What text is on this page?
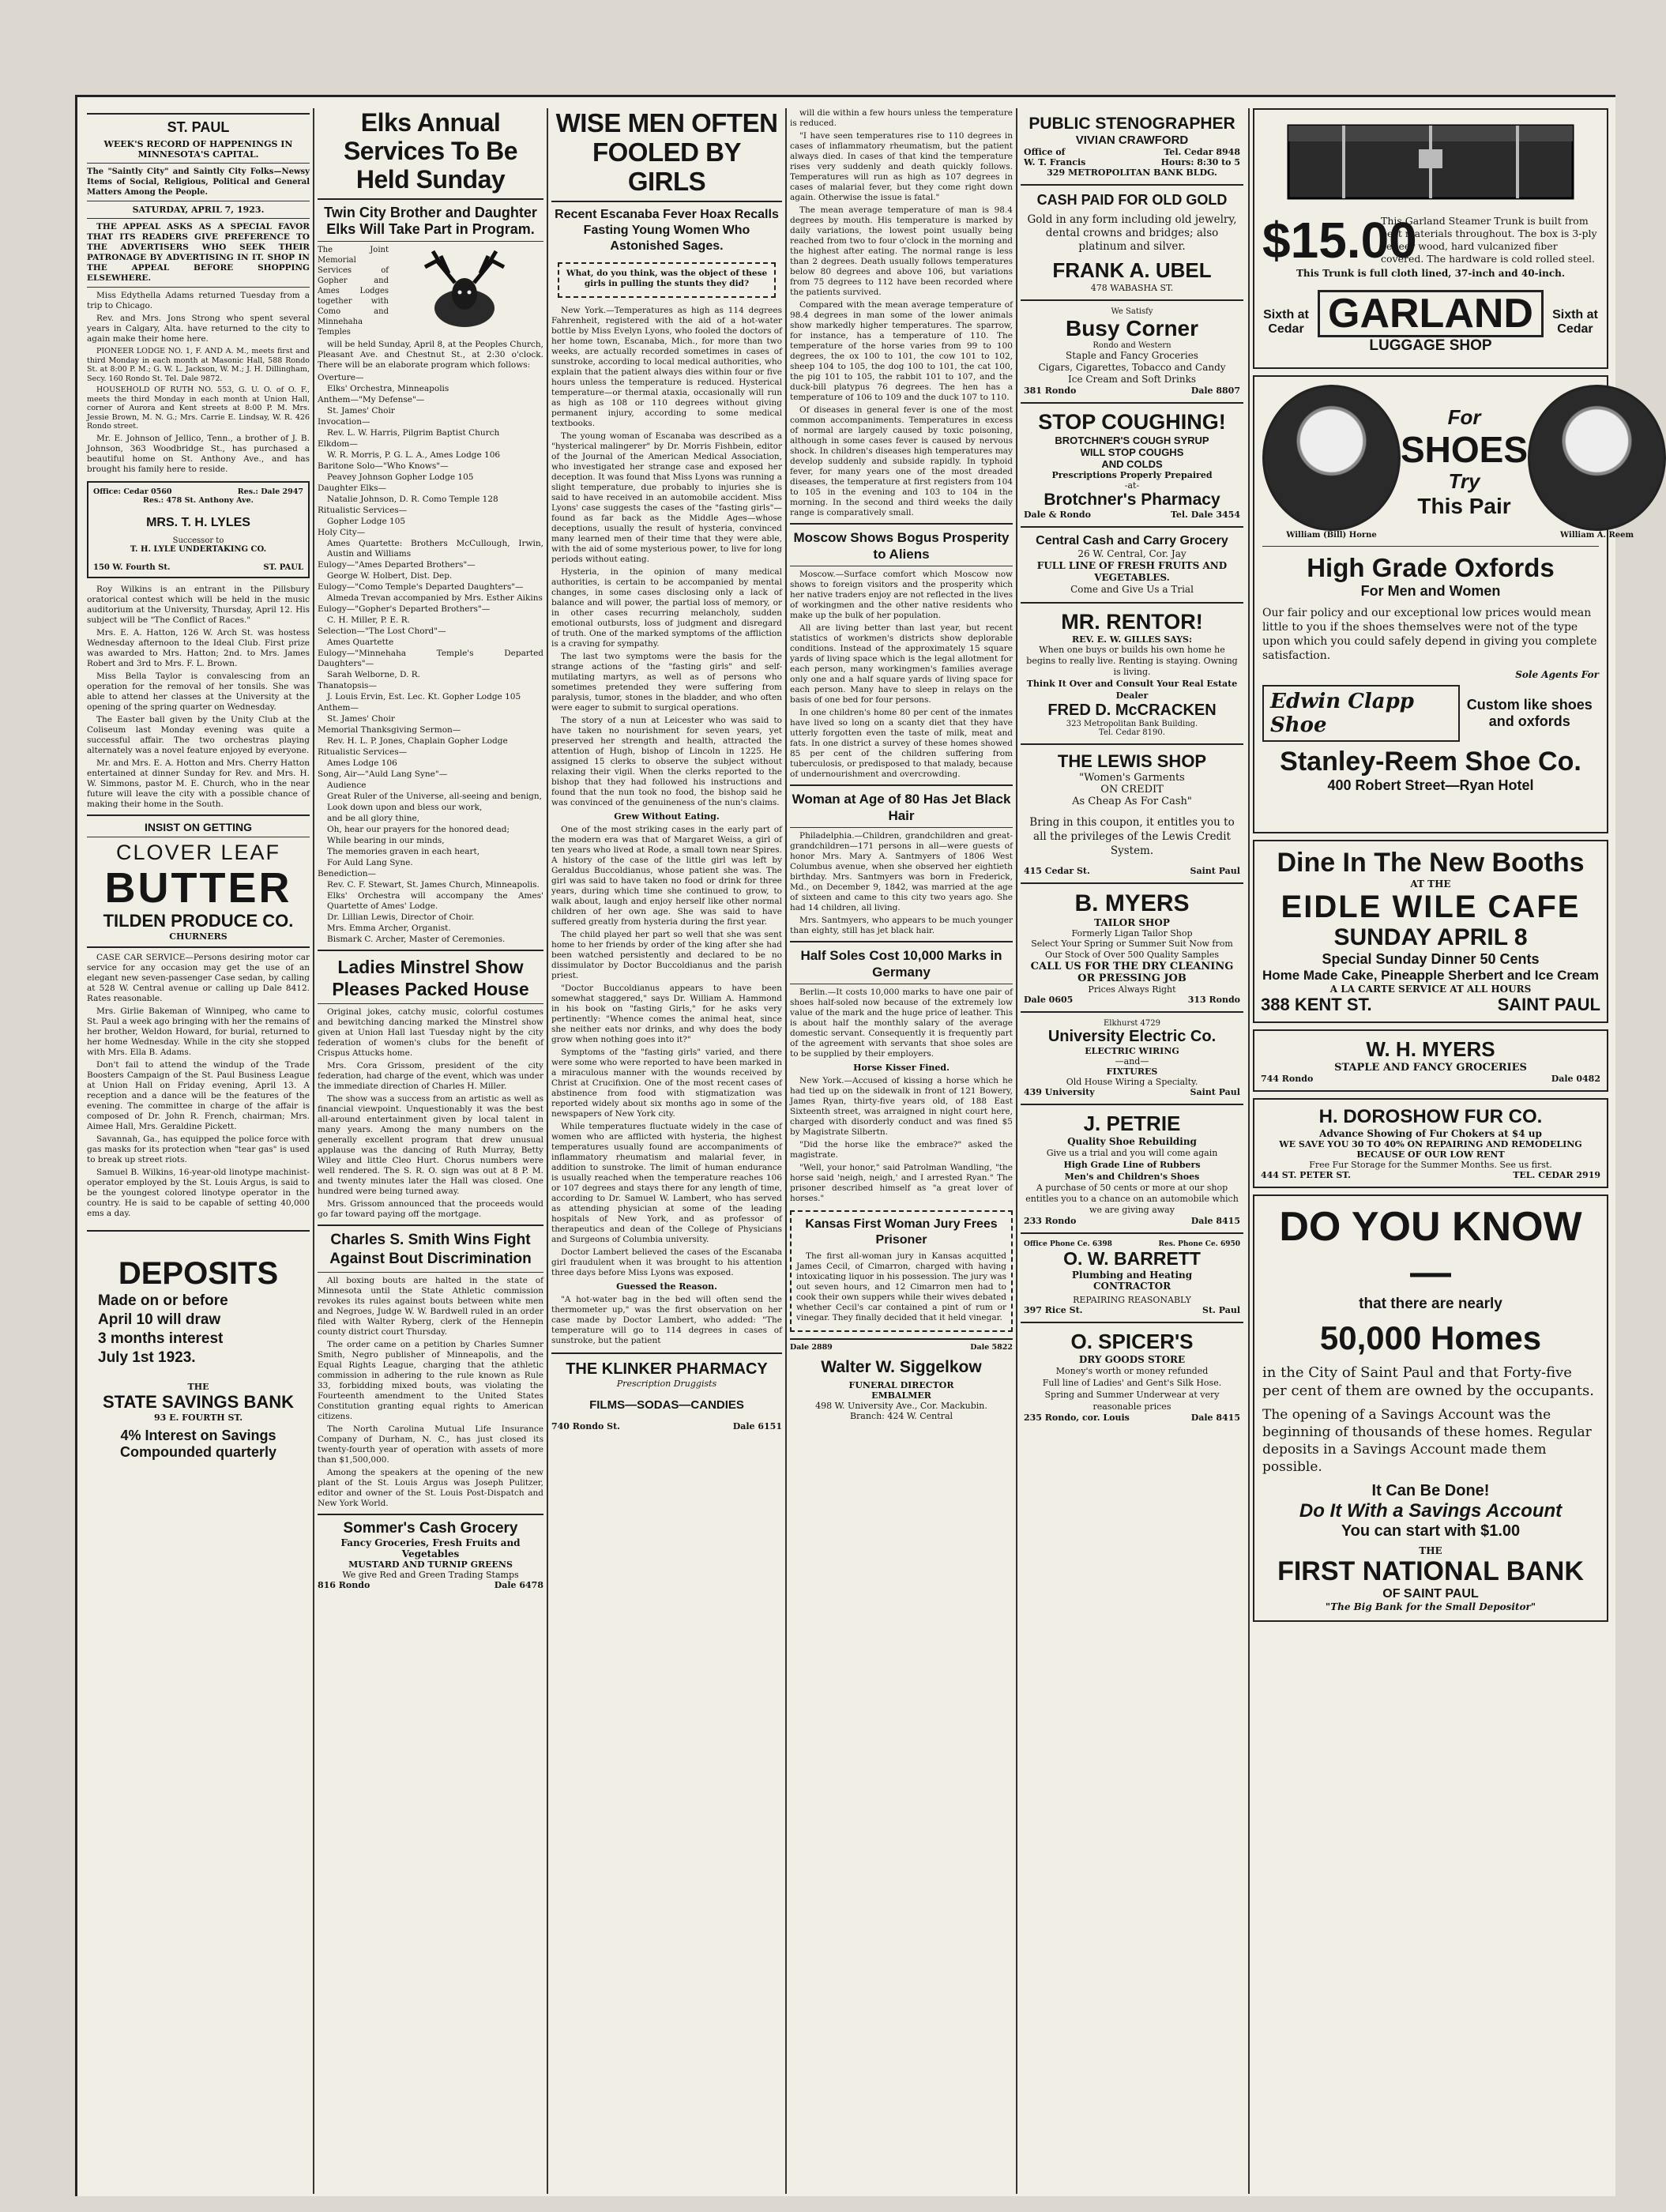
ST. PAUL
WEEK'S RECORD OF HAPPENINGS IN MINNESOTA'S CAPITAL.

The "Saintly City" and Saintly City Folks—Newsy Items of Social, Religious, Political and General Matters Among the People.

SATURDAY, APRIL 7, 1923.

THE APPEAL ASKS AS A SPECIAL FAVOR THAT ITS READERS GIVE PREFERENCE TO THE ADVERTISERS WHO SEEK THEIR PATRONAGE BY ADVERTISING IN IT. SHOP IN THE APPEAL BEFORE SHOPPING ELSEWHERE.

Miss Edythella Adams returned Tuesday from a trip to Chicago.

Rev. and Mrs. Jons Strong who spent several years in Calgary, Alta. have returned to the city to again make their home here.

PIONEER LODGE NO. 1, F. AND A. M., meets first and third Monday in each month at Masonic Hall, 588 Rondo St. at 8:00 P. M.; G. W. L. Jackson, W. M.; J. H. Dillingham, Secy. 160 Rondo St. Tel. Dale 9872.

HOUSEHOLD OF RUTH NO. 553, G. U. O. of O. F., meets the third Monday in each month at Union Hall, corner of Aurora and Kent streets at 8:00 P. M. Mrs. Jessie Brown, M. N. G.; Mrs. Carrie E. Lindsay, W. R. 426 Rondo street.

Mr. E. Johnson of Jellico, Tenn., a brother of J. B. Johnson, 363 Woodbridge St., has purchased a beautiful home on St. Anthony Ave., and has brought his family here to reside.

Office: Cedar 0560	Res.: Dale 2947
Res.: 478 St. Anthony Ave.
MRS. T. H. LYLES
Successor to
T. H. LYLE UNDERTAKING CO.
150 W. Fourth St.	ST. PAUL

Roy Wilkins is an entrant in the Pillsbury oratorical contest which will be held in the music auditorium at the University, Thursday, April 12. His subject will be "The Conflict of Races."

Mrs. E. A. Hatton, 126 W. Arch St. was hostess Wednesday afternoon to the Ideal Club. First prize was awarded to Mrs. Hatton; 2nd. to Mrs. James Robert and 3rd to Mrs. F. L. Brown.

Miss Bella Taylor is convalescing from an operation for the removal of her tonsils. She was able to attend her classes at the University at the opening of the spring quarter on Wednesday.

The Easter ball given by the Unity Club at the Coliseum last Monday evening was quite a successful affair. The two orchestras playing alternately was a novel feature enjoyed by everyone.

Mr. and Mrs. E. A. Hotton and Mrs. Cherry Hatton entertained at dinner Sunday for Rev. and Mrs. H. W. Simmons, pastor M. E. Church, who in the near future will leave the city with a possible chance of making their home in the South.

INSIST ON GETTING
CLOVER LEAF
BUTTER
TILDEN PRODUCE CO.
CHURNERS

CASE CAR SERVICE—Persons desiring motor car service for any occasion may get the use of an elegant new seven-passenger Case sedan, by calling at 528 W. Central avenue or calling up Dale 8412. Rates reasonable.

Mrs. Girlie Bakeman of Winnipeg, who came to St. Paul a week ago bringing with her the remains of her brother, Weldon Howard, for burial, returned to her home Wednesday. While in the city she stopped with Mrs. Ella B. Adams.

Don't fail to attend the windup of the Trade Boosters Campaign of the St. Paul Business League at Union Hall on Friday evening, April 13. A reception and a dance will be the features of the evening. The committee in charge of the affair is composed of Dr. John R. French, chairman; Mrs. Aimee Hall, Mrs. Geraldine Pickett.

Savannah, Ga., has equipped the police force with gas masks for its protection when "tear gas" is used to break up street riots.

Samuel B. Wilkins, 16-year-old linotype machinist-operator employed by the St. Louis Argus, is said to be the youngest colored linotype operator in the country. He is said to be capable of setting 40,000 ems a day.

DEPOSITS
Made on or before
April 10 will draw
3 months interest
July 1st 1923.
THE
STATE SAVINGS BANK
93 E. FOURTH ST.
4% Interest on Savings
Compounded quarterly
Elks Annual Services To Be Held Sunday
Twin City Brother and Daughter Elks Will Take Part in Program.

The Joint Memorial Services of Gopher and Ames Lodges together with Como and Minnehaha Temples

will be held Sunday, April 8, at the Peoples Church, Pleasant Ave. and Chestnut St., at 2:30 o'clock. There will be an elaborate program which follows:

Overture—

Elks' Orchestra, Minneapolis

Anthem—"My Defense"—

St. James' Choir

Invocation—

Rev. L. W. Harris, Pilgrim Baptist Church

Elkdom—

W. R. Morris, P. G. L. A., Ames Lodge 106

Baritone Solo—"Who Knows"—

Peavey Johnson Gopher Lodge 105

Daughter Elks—

Natalie Johnson, D. R. Como Temple 128

Ritualistic Services—

Gopher Lodge 105

Holy City—

Ames Quartette: Brothers McCullough, Irwin, Austin and Williams

Eulogy—"Ames Departed Brothers"—

George W. Holbert, Dist. Dep.

Eulogy—"Como Temple's Departed Daughters"—

Almeda Trevan accompanied by Mrs. Esther Aikins

Eulogy—"Gopher's Departed Brothers"—

C. H. Miller, P. E. R.

Selection—"The Lost Chord"—

Ames Quartette

Eulogy—"Minnehaha Temple's Departed Daughters"—

Sarah Welborne, D. R.

Thanatopsis—

J. Louis Ervin, Est. Lec. Kt. Gopher Lodge 105

Anthem—

St. James' Choir

Memorial Thanksgiving Sermon—

Rev. H. L. P. Jones, Chaplain Gopher Lodge

Ritualistic Services—

Ames Lodge 106

Song, Air—"Auld Lang Syne"—

Audience

Great Ruler of the Universe, all-seeing and benign,

Look down upon and bless our work,

and be all glory thine,

Oh, hear our prayers for the honored dead;

While bearing in our minds,

The memories graven in each heart,

For Auld Lang Syne.

Benediction—

Rev. C. F. Stewart, St. James Church, Minneapolis.

Elks' Orchestra will accompany the Ames' Quartette of Ames' Lodge.

Dr. Lillian Lewis, Director of Choir.

Mrs. Emma Archer, Organist.

Bismark C. Archer, Master of Ceremonies.

Ladies Minstrel Show Pleases Packed House

Original jokes, catchy music, colorful costumes and bewitching dancing marked the Minstrel show given at Union Hall last Tuesday night by the city federation of women's clubs for the benefit of Crispus Attucks home.

Mrs. Cora Grissom, president of the city federation, had charge of the event, which was under the immediate direction of Charles H. Miller.

The show was a success from an artistic as well as financial viewpoint. Unquestionably it was the best all-around entertainment given by local talent in many years. Among the many numbers on the generally excellent program that drew unusual applause was the dancing of Ruth Murray, Betty Wiley and little Cleo Hurt. Chorus numbers were well rendered. The S. R. O. sign was out at 8 P. M. and twenty minutes later the Hall was closed. One hundred were being turned away.

Mrs. Grissom announced that the proceeds would go far toward paying off the mortgage.

Charles S. Smith Wins Fight Against Bout Discrimination

All boxing bouts are halted in the state of Minnesota until the State Athletic commission revokes its rules against bouts between white men and Negroes, Judge W. W. Bardwell ruled in an order filed with Walter Ryberg, clerk of the Hennepin county district court Thursday.

The order came on a petition by Charles Sumner Smith, Negro publisher of Minneapolis, and the Equal Rights League, charging that the athletic commission in adhering to the rule known as Rule 33, forbidding mixed bouts, was violating the Fourteenth amendment to the United States Constitution granting equal rights to American citizens.

The North Carolina Mutual Life Insurance Company of Durham, N. C., has just closed its twenty-fourth year of operation with assets of more than $1,500,000.

Among the speakers at the opening of the new plant of the St. Louis Argus was Joseph Pulitzer, editor and owner of the St. Louis Post-Dispatch and New York World.

Sommer's Cash Grocery
Fancy Groceries, Fresh Fruits and Vegetables
MUSTARD AND TURNIP GREENS
We give Red and Green Trading Stamps
816 Rondo	Dale 6478
WISE MEN OFTEN FOOLED BY GIRLS
Recent Escanaba Fever Hoax Recalls Fasting Young Women Who Astonished Sages.

What, do you think, was the object of these girls in pulling the stunts they did?

New York.—Temperatures as high as 114 degrees Fahrenheit, registered with the aid of a hot-water bottle by Miss Evelyn Lyons, who fooled the doctors of her home town, Escanaba, Mich., for more than two weeks, are actually recorded sometimes in cases of sunstroke, according to local medical authorities, who explain that the patient always dies within four or five hours unless the temperature is reduced. Hysterical temperature—or thermal ataxia, occasionally will run as high as 108 or 110 degrees without giving permanent injury, according to some medical textbooks.

The young woman of Escanaba was described as a "hysterical malingerer" by Dr. Morris Fishbein, editor of the Journal of the American Medical Association, who investigated her strange case and exposed her deception. It was found that Miss Lyons was running a slight temperature, due probably to injuries she is said to have received in an automobile accident. Miss Lyons' case suggests the cases of the "fasting girls"—found as far back as the Middle Ages—whose deceptions, usually the result of hysteria, convinced many learned men of their time that they were able, with the aid of some mysterious power, to live for long periods without eating.

Hysteria, in the opinion of many medical authorities, is certain to be accompanied by mental changes, in some cases disclosing only a lack of balance and will power, the partial loss of memory, or in other cases recurring melancholy, sudden emotional outbursts, loss of judgment and disregard of truth. One of the marked symptoms of the affliction is a craving for sympathy.

The last two symptoms were the basis for the strange actions of the "fasting girls" and self-mutilating martyrs, as well as of persons who sometimes pretended they were suffering from paralysis, tumor, stones in the bladder, and who often were eager to submit to surgical operations.

The story of a nun at Leicester who was said to have taken no nourishment for seven years, yet preserved her strength and health, attracted the attention of Hugh, bishop of Lincoln in 1225. He assigned 15 clerks to observe the subject without relaxing their vigil. When the clerks reported to the bishop that they had followed his instructions and found that the nun took no food, the bishop said he was convinced of the genuineness of the nun's claims.

Grew Without Eating.

One of the most striking cases in the early part of the modern era was that of Margaret Weiss, a girl of ten years who lived at Rode, a small town near Spires. A history of the case of the little girl was left by Geraldus Buccoldianus, whose patient she was. The girl was said to have taken no food or drink for three years, during which time she continued to grow, to walk about, laugh and enjoy herself like other normal children of her own age. She was said to have suffered greatly from hysteria during the first year.

The child played her part so well that she was sent home to her friends by order of the king after she had been watched persistently and declared to be no dissimulator by Doctor Buccoldianus and the parish priest.

"Doctor Buccoldianus appears to have been somewhat staggered," says Dr. William A. Hammond in his book on "fasting Girls," for he asks very pertinently: "Whence comes the animal heat, since she neither eats nor drinks, and why does the body grow when nothing goes into it?"

Symptoms of the "fasting girls" varied, and there were some who were reported to have been marked in a miraculous manner with the wounds received by Christ at Crucifixion. One of the most recent cases of abstinence from food with stigmatization was reported widely about six months ago in some of the newspapers of New York city.

While temperatures fluctuate widely in the case of women who are afflicted with hysteria, the highest temperatures usually found are accompaniments of inflammatory rheumatism and malarial fever, in addition to sunstroke. The limit of human endurance is usually reached when the temperature reaches 106 or 107 degrees and stays there for any length of time, according to Dr. Samuel W. Lambert, who has served as attending physician at some of the leading hospitals of New York, and as professor of therapeutics and dean of the College of Physicians and Surgeons of Columbia university.

Doctor Lambert believed the cases of the Escanaba girl fraudulent when it was brought to his attention three days before Miss Lyons was exposed.

Guessed the Reason.

"A hot-water bag in the bed will often send the thermometer up," was the first observation on her case made by Doctor Lambert, who added: "The temperature will go to 114 degrees in cases of sunstroke, but the patient

THE KLINKER PHARMACY
Prescription Druggists
FILMS—SODAS—CANDIES
740 Rondo St.	Dale 6151

will die within a few hours unless the temperature is reduced.

"I have seen temperatures rise to 110 degrees in cases of inflammatory rheumatism, but the patient always died. In cases of that kind the temperature rises very suddenly and death quickly follows. Temperatures will run as high as 107 degrees in cases of malarial fever, but they come right down again. Otherwise the issue is fatal."

The mean average temperature of man is 98.4 degrees by mouth. His temperature is marked by daily variations, the lowest point usually being reached from two to four o'clock in the morning and the highest after eating. The normal range is less than 2 degrees. Death usually follows temperatures below 80 degrees and above 106, but variations from 75 degrees to 112 have been recorded where the patients survived.

Compared with the mean average temperature of 98.4 degrees in man some of the lower animals show markedly higher temperatures. The sparrow, for instance, has a temperature of 110. The temperature of the horse varies from 99 to 100 degrees, the ox 100 to 101, the cow 101 to 102, sheep 104 to 105, the dog 100 to 101, the cat 100, the pig 101 to 105, the rabbit 101 to 107, and the duck-bill platypus 76 degrees. The hen has a temperature of 106 to 109 and the duck 107 to 110.

Of diseases in general fever is one of the most common accompaniments. Temperatures in excess of normal are largely caused by toxic poisoning, although in some cases fever is caused by nervous shock. In children's diseases high temperatures may develop suddenly and subside rapidly. In typhoid fever, for many years one of the most dreaded diseases, the temperature at first registers from 104 to 105 in the evening and 103 to 104 in the morning. In the second and third weeks the daily range is comparatively small.

Moscow Shows Bogus Prosperity to Aliens

Moscow.—Surface comfort which Moscow now shows to foreign visitors and the prosperity which her native traders enjoy are not reflected in the lives of workingmen and the other native residents who make up the bulk of her population.

All are living better than last year, but recent statistics of workmen's districts show deplorable conditions. Instead of the approximately 15 square yards of living space which is the legal allotment for each person, many workingmen's families average only one and a half square yards of living space for each person. Many have to sleep in relays on the basis of one bed for four persons.

In one children's home 80 per cent of the inmates have lived so long on a scanty diet that they have utterly forgotten even the taste of milk, meat and fats. In one district a survey of these homes showed 85 per cent of the children suffering from tuberculosis, or predisposed to that malady, because of undernourishment and overcrowding.

Woman at Age of 80 Has Jet Black Hair

Philadelphia.—Children, grandchildren and great-grandchildren—171 persons in all—were guests of honor Mrs. Mary A. Santmyers of 1806 West Columbus avenue, when she observed her eightieth birthday. Mrs. Santmyers was born in Frederick, Md., on December 9, 1842, was married at the age of sixteen and came to this city two years ago. She had 14 children, all living.

Mrs. Santmyers, who appears to be much younger than eighty, still has jet black hair.

Half Soles Cost 10,000 Marks in Germany

Berlin.—It costs 10,000 marks to have one pair of shoes half-soled now because of the extremely low value of the mark and the huge price of leather. This is about half the monthly salary of the average domestic servant. Consequently it is frequently part of the agreement with servants that shoe soles are to be supplied by their employers.

Horse Kisser Fined.

New York.—Accused of kissing a horse which he had tied up on the sidewalk in front of 121 Bowery, James Ryan, thirty-five years old, of 188 East Sixteenth street, was arraigned in night court here, charged with disorderly conduct and was fined $5 by Magistrate Silbertn.

"Did the horse like the embrace?" asked the magistrate.

"Well, your honor," said Patrolman Wandling, "the horse said 'neigh, neigh,' and I arrested Ryan." The prisoner described himself as "a great lover of horses."

Kansas First Woman Jury Frees Prisoner

The first all-woman jury in Kansas acquitted James Cecil, of Cimarron, charged with having intoxicating liquor in his possession. The jury was out seven hours, and 12 Cimarron men had to cook their own suppers while their wives debated whether Cecil's car contained a pint of rum or vinegar. They finally decided that it held vinegar.

Dale 2889	Dale 5822
Walter W. Siggelkow
FUNERAL DIRECTOR
EMBALMER
498 W. University Ave., Cor. Mackubin.
Branch: 424 W. Central
PUBLIC STENOGRAPHER
VIVIAN CRAWFORD
Office of	Tel. Cedar 8948
W. T. Francis	Hours: 8:30 to 5
329 METROPOLITAN BANK BLDG.
CASH PAID FOR OLD GOLD
Gold in any form including old jewelry, dental crowns and bridges; also platinum and silver.
FRANK A. UBEL
478 WABASHA ST.
We Satisfy
Busy Corner
Rondo and Western
Staple and Fancy Groceries
Cigars, Cigarettes, Tobacco and Candy
Ice Cream and Soft Drinks
381 Rondo	Dale 8807
STOP COUGHING!
BROTCHNER'S COUGH SYRUP
WILL STOP COUGHS
AND COLDS
Prescriptions Properly Prepaired
-at-
Brotchner's Pharmacy
Dale & Rondo	Tel. Dale 3454
Central Cash and Carry Grocery
26 W. Central, Cor. Jay
FULL LINE OF FRESH FRUITS AND VEGETABLES.
Come and Give Us a Trial
MR. RENTOR!
REV. E. W. GILLES SAYS:
When one buys or builds his own home he begins to really live. Renting is staying. Owning is living.
Think It Over and Consult Your Real Estate Dealer
FRED D. McCRACKEN
323 Metropolitan Bank Building.
Tel. Cedar 8190.
THE LEWIS SHOP
"Women's Garments
ON CREDIT
As Cheap As For Cash"
Bring in this coupon, it entitles you to all the privileges of the Lewis Credit System.
415 Cedar St.	Saint Paul
B. MYERS
TAILOR SHOP
Formerly Ligan Tailor Shop
Select Your Spring or Summer Suit Now from Our Stock of Over 500 Quality Samples
CALL US FOR THE DRY CLEANING OR PRESSING JOB
Prices Always Right
Dale 0605	313 Rondo
Elkhurst 4729
University Electric Co.
ELECTRIC WIRING
—and—
FIXTURES
Old House Wiring a Specialty.
439 University	Saint Paul
J. PETRIE
Quality Shoe Rebuilding
Give us a trial and you will come again
High Grade Line of Rubbers
Men's and Children's Shoes
A purchase of 50 cents or more at our shop entitles you to a chance on an automobile which we are giving away
233 Rondo	Dale 8415
Office Phone Ce. 6398	Res. Phone Ce. 6950
O. W. BARRETT
Plumbing and Heating
CONTRACTOR
REPAIRING REASONABLY
397 Rice St.	St. Paul
O. SPICER'S
DRY GOODS STORE
Money's worth or money refunded
Full line of Ladies' and Gent's Silk Hose.
Spring and Summer Underwear at very reasonable prices
235 Rondo, cor. Louis	Dale 8415
$15.00
This Garland Steamer Trunk is built from best materials throughout. The box is 3-ply veneer wood, hard vulcanized fiber covered. The hardware is cold rolled steel.
This Trunk is full cloth lined, 37-inch and 40-inch.
Sixth at Cedar GARLAND
LUGGAGE SHOP
Sixth at Cedar
William (Bill) Horne
For
SHOES
Try
This Pair
William A. Reem
High Grade Oxfords
For Men and Women
Our fair policy and our exceptional low prices would mean little to you if the shoes themselves were not of the type upon which you could safely depend in giving you complete satisfaction.
Sole Agents For
Edwin Clapp Shoe
Custom like shoes and oxfords
Stanley-Reem Shoe Co.
400 Robert Street—Ryan Hotel
Dine In The New Booths
AT THE
EIDLE WILE CAFE
SUNDAY APRIL 8
Special Sunday Dinner 50 Cents
Home Made Cake, Pineapple Sherbert and Ice Cream
A LA CARTE SERVICE AT ALL HOURS
388 KENT ST.	SAINT PAUL
W. H. MYERS
STAPLE AND FANCY GROCERIES
744 Rondo	Dale 0482
H. DOROSHOW FUR CO.
Advance Showing of Fur Chokers at $4 up
WE SAVE YOU 30 TO 40% ON REPAIRING AND REMODELING BECAUSE OF OUR LOW RENT
Free Fur Storage for the Summer Months. See us first.
444 ST. PETER ST.	TEL. CEDAR 2919
DO YOU KNOW—
that there are nearly
50,000 Homes
in the City of Saint Paul and that Forty-five per cent of them are owned by the occupants.
The opening of a Savings Account was the beginning of thousands of these homes. Regular deposits in a Savings Account made them possible.
It Can Be Done!
Do It With a Savings Account
You can start with $1.00
THE
FIRST NATIONAL BANK
OF SAINT PAUL
"The Big Bank for the Small Depositor"
